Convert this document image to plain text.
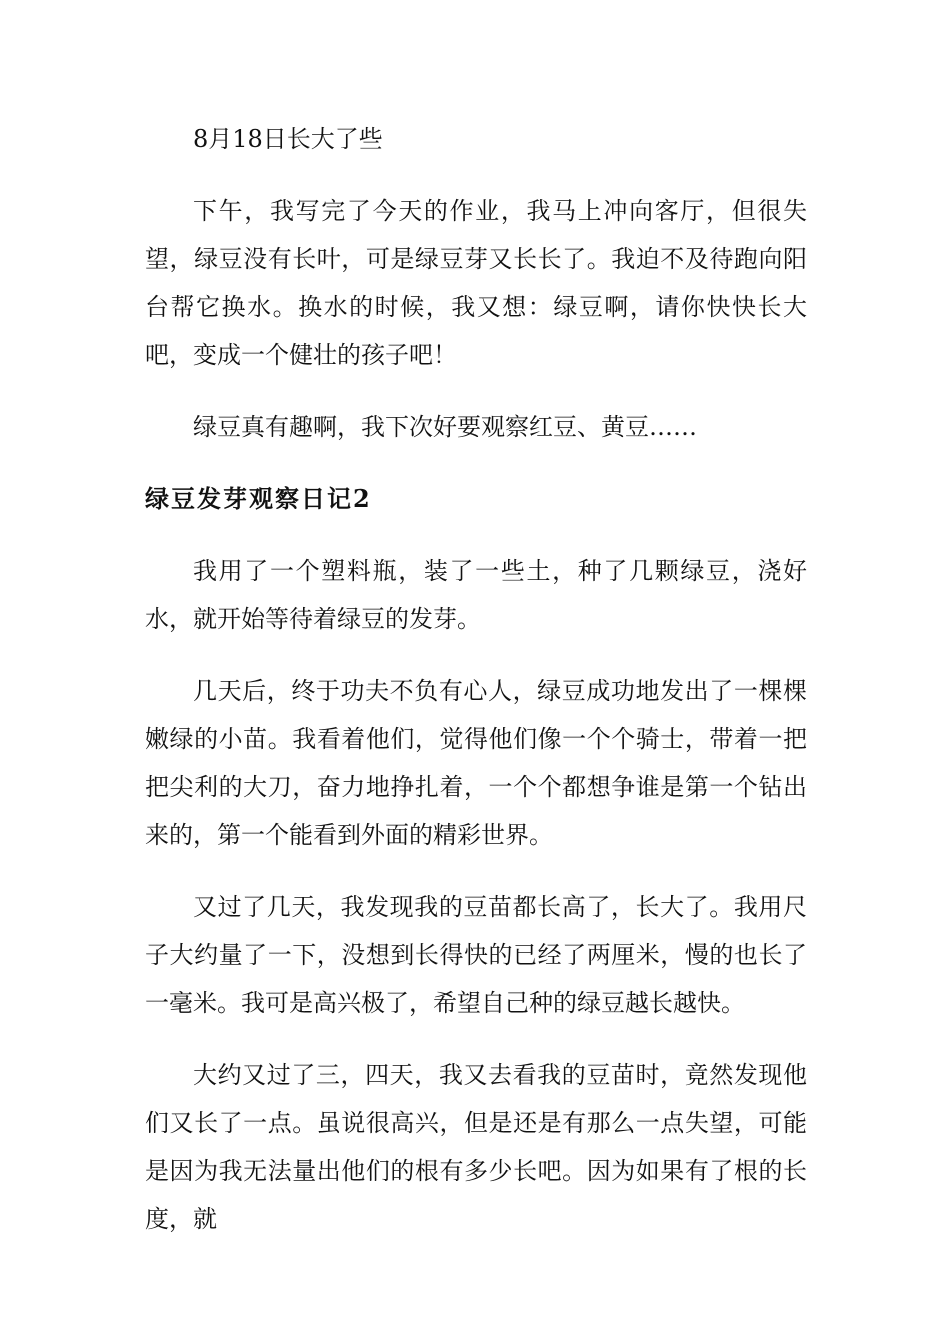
8月18日长大了些

下午，我写完了今天的作业，我马上冲向客厅，但很失望，绿豆没有长叶，可是绿豆芽又长长了。我迫不及待跑向阳台帮它换水。换水的时候，我又想：绿豆啊，请你快快长大吧，变成一个健壮的孩子吧！

绿豆真有趣啊，我下次好要观察红豆、黄豆……

绿豆发芽观察日记2

我用了一个塑料瓶，装了一些土，种了几颗绿豆，浇好水，就开始等待着绿豆的发芽。

几天后，终于功夫不负有心人，绿豆成功地发出了一棵棵嫩绿的小苗。我看着他们，觉得他们像一个个骑士，带着一把把尖利的大刀，奋力地挣扎着，一个个都想争谁是第一个钻出来的，第一个能看到外面的精彩世界。

又过了几天，我发现我的豆苗都长高了，长大了。我用尺子大约量了一下，没想到长得快的已经了两厘米，慢的也长了一毫米。我可是高兴极了，希望自己种的绿豆越长越快。

大约又过了三，四天，我又去看我的豆苗时，竟然发现他们又长了一点。虽说很高兴，但是还是有那么一点失望，可能是因为我无法量出他们的根有多少长吧。因为如果有了根的长度，就
